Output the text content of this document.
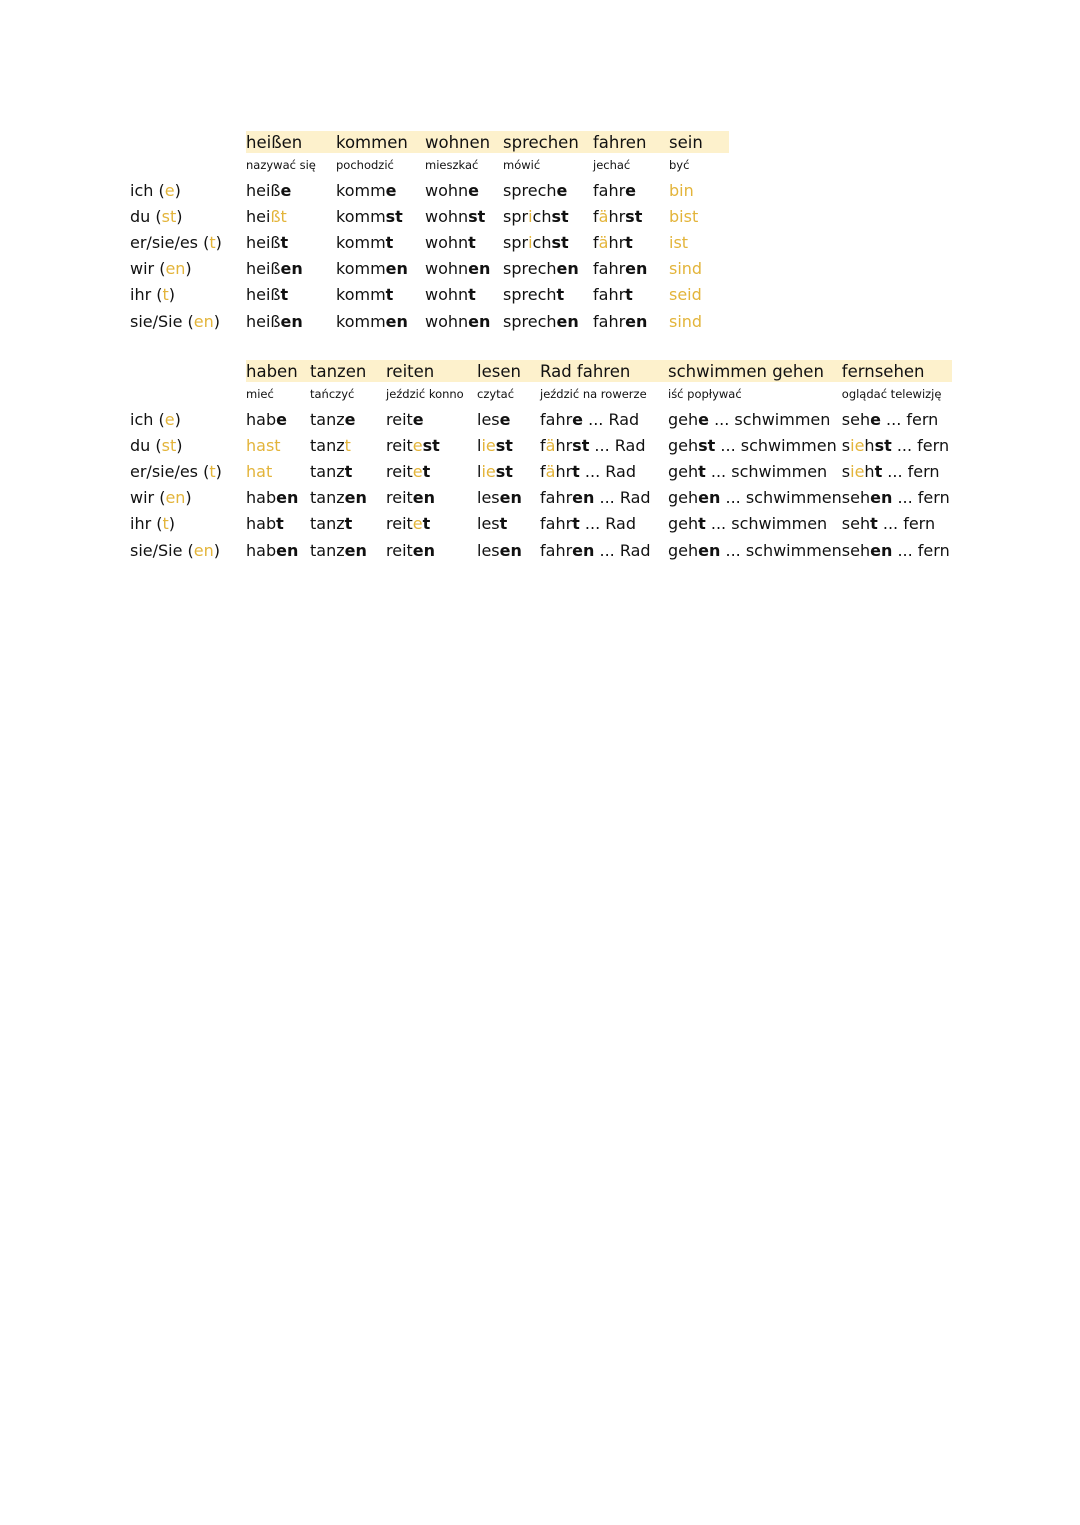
	heißen	kommen	wohnen	sprechen	fahren	sein
	nazywać się	pochodzić	mieszkać	mówić	jechać	być
ich (e)	heiße	komme	wohne	spreche	fahre	bin
du (st)	heißt	kommst	wohnst	sprichst	fährst	bist
er/sie/es (t)	heißt	kommt	wohnt	sprichst	fährt	ist
wir (en)	heißen	kommen	wohnen	sprechen	fahren	sind
ihr (t)	heißt	kommt	wohnt	sprecht	fahrt	seid
sie/Sie (en)	heißen	kommen	wohnen	sprechen	fahren	sind
	haben	tanzen	reiten	lesen	Rad fahren	schwimmen gehen	fernsehen
	mieć	tańczyć	jeździć konno	czytać	jeździć na rowerze	iść popływać	oglądać telewizję
ich (e)	habe	tanze	reite	lese	fahre ... Rad	gehe ... schwimmen	sehe ... fern
du (st)	hast	tanzt	reitest	liest	fährst ... Rad	gehst ... schwimmen	siehst ... fern
er/sie/es (t)	hat	tanzt	reitet	liest	fährt ... Rad	geht ... schwimmen	sieht ... fern
wir (en)	haben	tanzen	reiten	lesen	fahren ... Rad	gehen ... schwimmen	sehen ... fern
ihr (t)	habt	tanzt	reitet	lest	fahrt ... Rad	geht ... schwimmen	seht ... fern
sie/Sie (en)	haben	tanzen	reiten	lesen	fahren ... Rad	gehen ... schwimmen	sehen ... fern
